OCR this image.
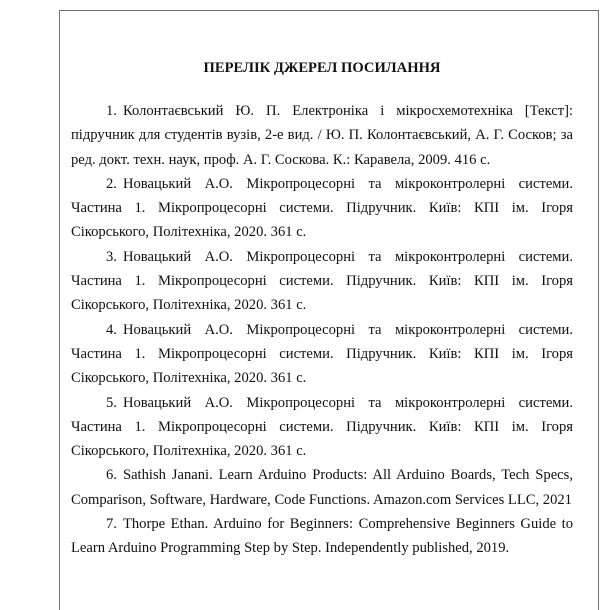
ПЕРЕЛІК ДЖЕРЕЛ ПОСИЛАННЯ
1. Колонтаєвський Ю. П. Електроніка і мікросхемотехніка [Текст]: підручник для студентів вузів, 2-е вид. / Ю. П. Колонтаєвський, А. Г. Сосков; за ред. докт. техн. наук, проф. А. Г. Соскова. К.: Каравела, 2009. 416 с.
2. Новацький А.О. Мікропроцесорні та мікроконтролерні системи. Частина 1. Мікропроцесорні системи. Підручник. Київ: КПІ ім. Ігоря Сікорського, Політехніка, 2020. 361 с.
3. Новацький А.О. Мікропроцесорні та мікроконтролерні системи. Частина 1. Мікропроцесорні системи. Підручник. Київ: КПІ ім. Ігоря Сікорського, Політехніка, 2020. 361 с.
4. Новацький А.О. Мікропроцесорні та мікроконтролерні системи. Частина 1. Мікропроцесорні системи. Підручник. Київ: КПІ ім. Ігоря Сікорського, Політехніка, 2020. 361 с.
5. Новацький А.О. Мікропроцесорні та мікроконтролерні системи. Частина 1. Мікропроцесорні системи. Підручник. Київ: КПІ ім. Ігоря Сікорського, Політехніка, 2020. 361 с.
6. Sathish Janani. Learn Arduino Products: All Arduino Boards, Tech Specs, Comparison, Software, Hardware, Code Functions. Amazon.com Services LLC, 2021
7. Thorpe Ethan. Arduino for Beginners: Comprehensive Beginners Guide to Learn Arduino Programming Step by Step. Independently published, 2019.
